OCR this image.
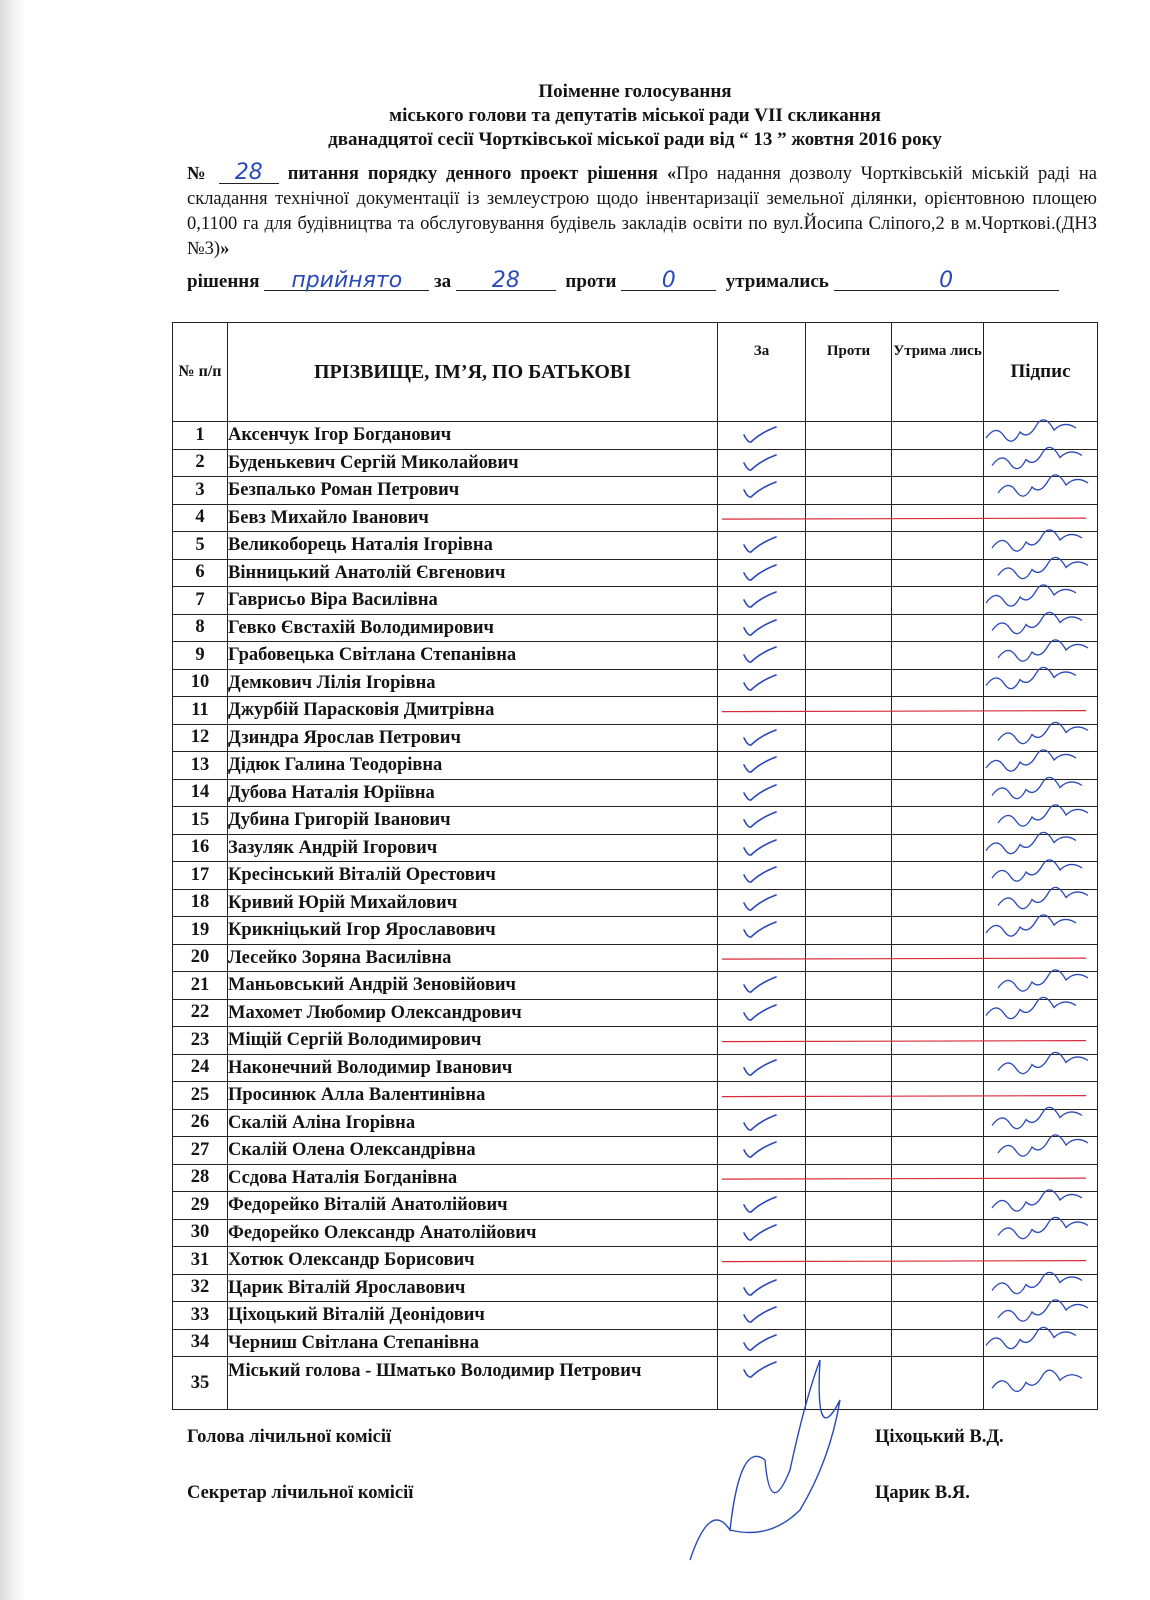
Поіменне голосування
міського голови та депутатів міської ради VII скликання
дванадцятої сесії Чортківської міської ради від “ 13 ” жовтня 2016 року
№ 28 питання порядку денного проект рішення «Про надання дозволу Чортківській міській раді на складання технічної документації із землеустрою щодо інвентаризації земельної ділянки, орієнтовною площею 0,1100 га для будівництва та обслуговування будівель закладів освіти по вул.Йосипа Сліпого,2 в м.Чорткові.(ДНЗ №3)»
рішення прийнято за 28 проти 0	утримались	0
№ п/п	ПРІЗВИЩЕ, ІМ’Я, ПО БАТЬКОВІ	За	Проти	Утрима лись	Підпис
1	Аксенчук Ігор Богданович	

2	Буденькевич Сергій Миколайович	

3	Безпалько Роман Петрович	

4	Бевз Михайло Іванович				
5	Великоборець Наталія Ігорівна	

6	Вінницький Анатолій Євгенович	

7	Гаврисьо Віра Василівна	

8	Гевко Євстахій Володимирович	

9	Грабовецька Світлана Степанівна	

10	Демкович Лілія Ігорівна	

11	Джурбій Парасковія Дмитрівна				
12	Дзиндра Ярослав Петрович	

13	Дідюк Галина Теодорівна	

14	Дубова Наталія Юріївна	

15	Дубина Григорій Іванович	

16	Зазуляк Андрій Ігорович	

17	Кресінський Віталій Орестович	

18	Кривий Юрій Михайлович	

19	Крикніцький Ігор Ярославович	

20	Лесейко Зоряна Василівна				
21	Маньовський Андрій Зеновійович	

22	Махомет Любомир Олександрович	

23	Міщій Сергій Володимирович				
24	Наконечний Володимир Іванович	

25	Просинюк Алла Валентинівна				
26	Скалій Аліна Ігорівна	

27	Скалій Олена Олександрівна	

28	Ссдова Наталія Богданівна				
29	Федорейко Віталій Анатолійович	

30	Федорейко Олександр Анатолійович	

31	Хотюк Олександр Борисович				
32	Царик Віталій Ярославович	

33	Ціхоцький Віталій Деонідович	

34	Черниш Світлана Степанівна	

35	Міський голова - Шматько Володимир Петрович	

Голова лічильної комісії	Ціхоцький В.Д.
Секретар лічильної комісії	Царик В.Я.
